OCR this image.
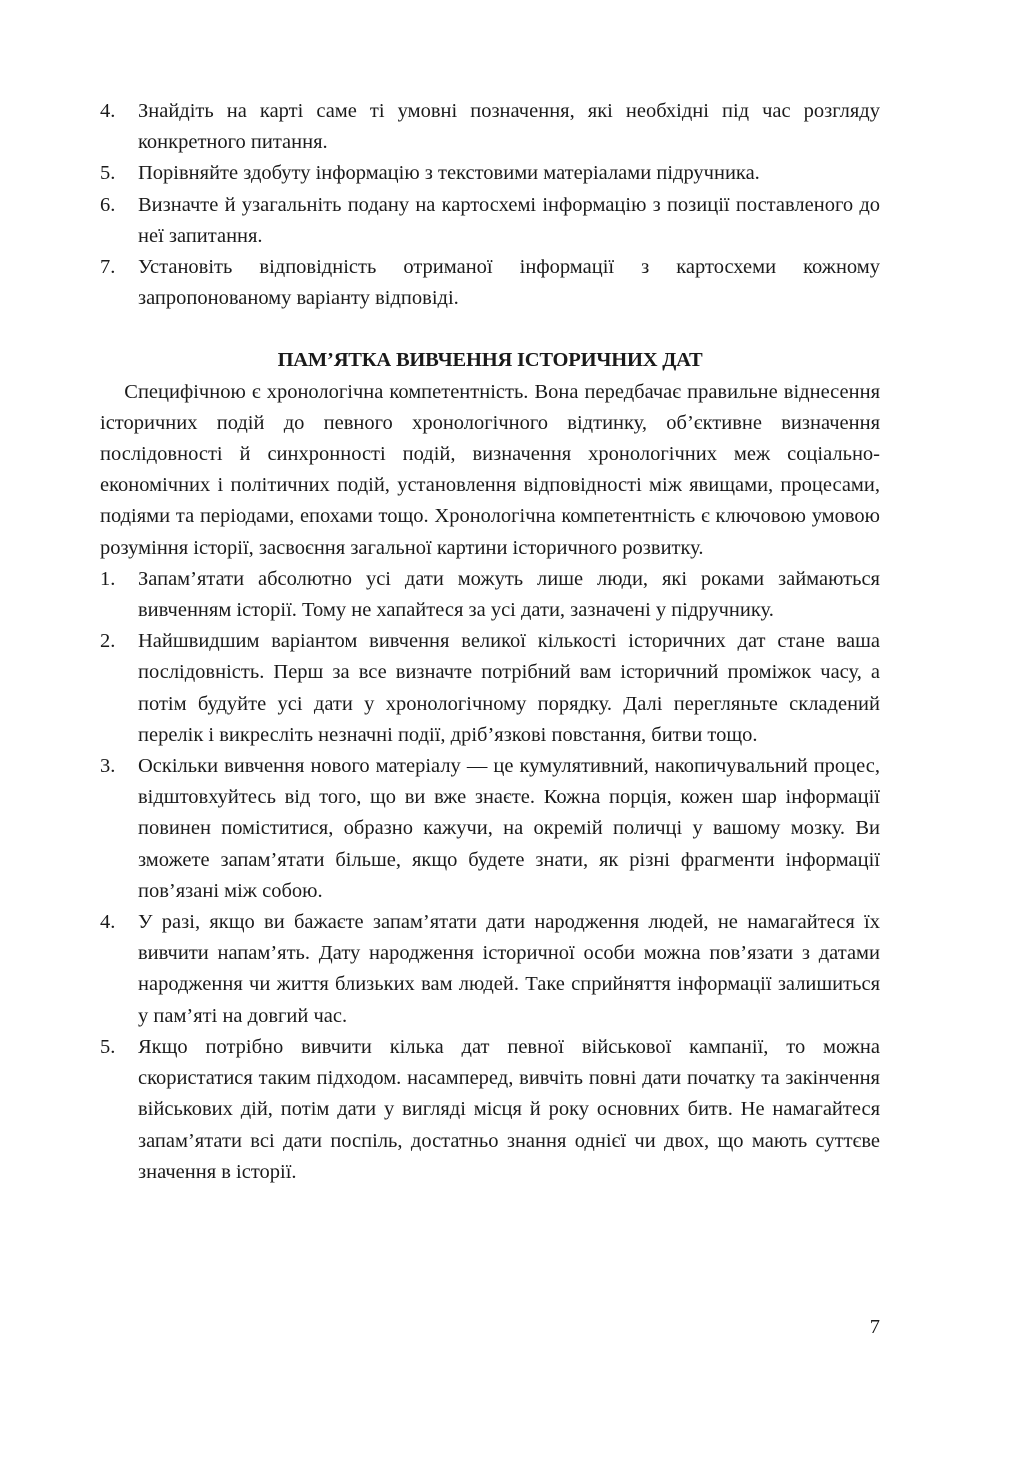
4.	Знайдіть на карті саме ті умовні позначення, які необхідні під час розгляду конкретного питання.
5.	Порівняйте здобуту інформацію з текстовими матеріалами підручника.
6.	Визначте й узагальніть подану на картосхемі інформацію з позиції поставленого до неї запитання.
7.	Установіть відповідність отриманої інформації з картосхеми кожному запропонованому варіанту відповіді.
ПАМ’ЯТКА ВИВЧЕННЯ ІСТОРИЧНИХ ДАТ

Специфічною є хронологічна компетентність. Вона передбачає правильне віднесення історичних подій до певного хронологічного відтинку, об’єктивне визначення послідовності й синхронності подій, визначення хронологічних меж соціально-економічних і політичних подій, установлення відповідності між явищами, процесами, подіями та періодами, епохами тощо. Хронологічна компетентність є ключовою умовою розуміння історії, засвоєння загальної картини історичного розвитку.

1.	Запам’ятати абсолютно усі дати можуть лише люди, які роками займаються вивченням історії. Тому не хапайтеся за усі дати, зазначені у підручнику.
2.	Найшвидшим варіантом вивчення великої кількості історичних дат стане ваша послідовність. Перш за все визначте потрібний вам історичний проміжок часу, а потім будуйте усі дати у хронологічному порядку. Далі перегляньте складений перелік і викресліть незначні події, дріб’язкові повстання, битви тощо.
3.	Оскільки вивчення нового матеріалу — це кумулятивний, накопичувальний процес, відштовхуйтесь від того, що ви вже знаєте. Кожна порція, кожен шар інформації повинен поміститися, образно кажучи, на окремій поличці у вашому мозку. Ви зможете запам’ятати більше, якщо будете знати, як різні фрагменти інформації пов’язані між собою.
4.	У разі, якщо ви бажаєте запам’ятати дати народження людей, не намагайтеся їх вивчити напам’ять. Дату народження історичної особи можна пов’язати з датами народження чи життя близьких вам людей. Таке сприйняття інформації залишиться у пам’яті на довгий час.
5.	Якщо потрібно вивчити кілька дат певної військової кампанії, то можна скористатися таким підходом. насамперед, вивчіть повні дати початку та закінчення військових дій, потім дати у вигляді місця й року основних битв. Не намагайтеся запам’ятати всі дати поспіль, достатньо знання однієї чи двох, що мають суттєве значення в історії.
7
